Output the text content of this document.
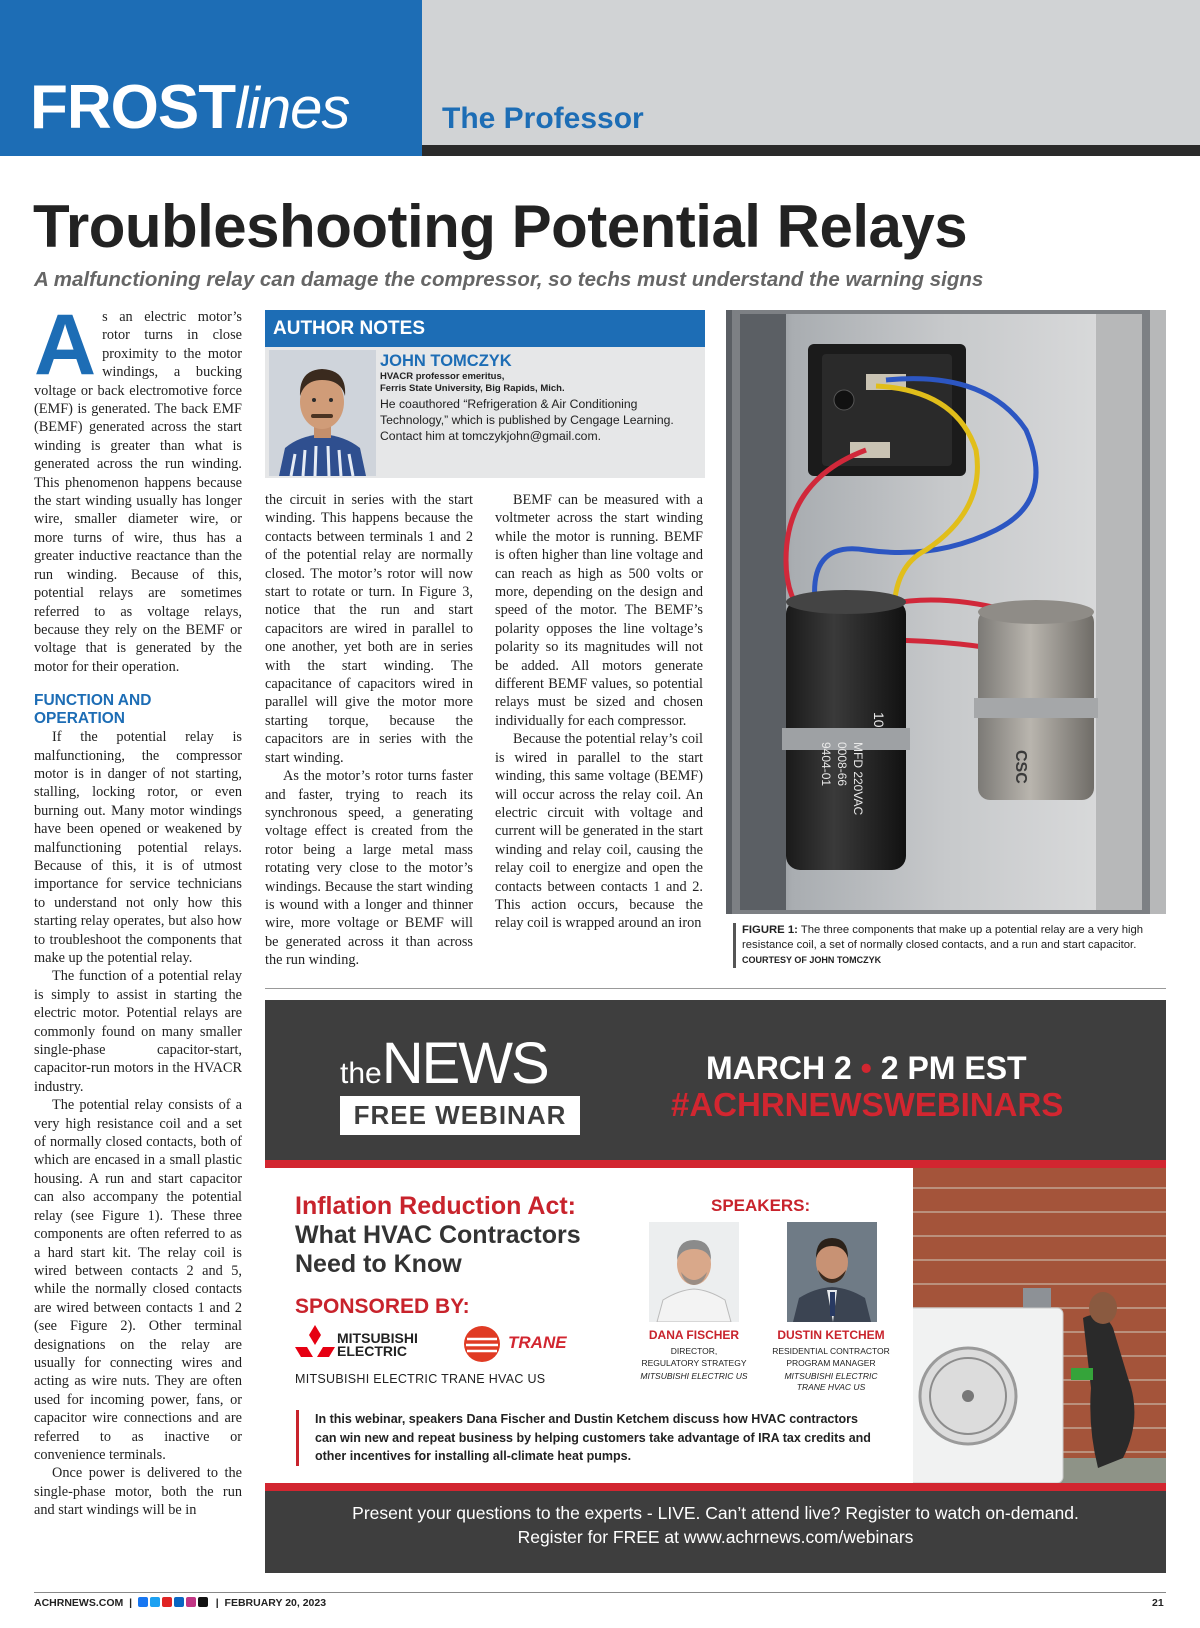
FROSTlines	The Professor
Troubleshooting Potential Relays
A malfunctioning relay can damage the compressor, so techs must understand the warning signs
A s an electric motor’s rotor turns in close proximity to the motor windings, a bucking voltage or back electromotive force (EMF) is generated. The back EMF (BEMF) generated across the start winding is greater than what is generated across the run winding. This phenomenon happens because the start winding usually has longer wire, smaller diameter wire, or more turns of wire, thus has a greater inductive reactance than the run winding. Because of this, potential relays are sometimes referred to as voltage relays, because they rely on the BEMF or voltage that is generated by the motor for their operation.

FUNCTION AND OPERATION

If the potential relay is malfunctioning, the compressor motor is in danger of not starting, stalling, locking rotor, or even burning out. Many motor windings have been opened or weakened by malfunctioning potential relays. Because of this, it is of utmost importance for service technicians to understand not only how this starting relay operates, but also how to troubleshoot the components that make up the potential relay.

The function of a potential relay is simply to assist in starting the electric motor. Potential relays are commonly found on many smaller single-phase capacitor-start, capacitor-run motors in the HVACR industry.

The potential relay consists of a very high resistance coil and a set of normally closed contacts, both of which are encased in a small plastic housing. A run and start capacitor can also accompany the potential relay (see Figure 1). These three components are often referred to as a hard start kit. The relay coil is wired between contacts 2 and 5, while the normally closed contacts are wired between contacts 1 and 2 (see Figure 2). Other terminal designations on the relay are usually for connecting wires and acting as wire nuts. They are often used for incoming power, fans, or capacitor wire connections and are referred to as inactive or convenience terminals.

Once power is delivered to the single-phase motor, both the run and start windings will be in

AUTHOR NOTES
JOHN TOMCZYK
HVACR professor emeritus,
Ferris State University, Big Rapids, Mich.
He coauthored “Refrigeration & Air Conditioning Technology,” which is published by Cengage Learning. Contact him at tomczykjohn@gmail.com.

the circuit in series with the start winding. This happens because the contacts between terminals 1 and 2 of the potential relay are normally closed. The motor’s rotor will now start to rotate or turn. In Figure 3, notice that the run and start capacitors are wired in parallel to one another, yet both are in series with the start winding. The capacitance of capacitors wired in parallel will give the motor more starting torque, because the capacitors are in series with the start winding.

As the motor’s rotor turns faster and faster, trying to reach its synchronous speed, a generating voltage effect is created from the rotor being a large metal mass rotating very close to the motor’s windings. Because the start winding is wound with a longer and thinner wire, more voltage or BEMF will be generated across it than across the run winding.

BEMF can be measured with a voltmeter across the start winding while the motor is running. BEMF is often higher than line voltage and can reach as high as 500 volts or more, depending on the design and speed of the motor. The BEMF’s polarity opposes the line voltage’s polarity so its magnitudes will not be added. All motors generate different BEMF values, so potential relays must be sized and chosen individually for each compressor.

Because the potential relay’s coil is wired in parallel to the start winding, this same voltage (BEMF) will occur across the relay coil. An electric circuit with voltage and current will be generated in the start winding and relay coil, causing the relay coil to energize and open the contacts between contacts 1 and 2. This action occurs, because the relay coil is wrapped around an iron

10
MFD 220VAC
0008-66
9404-01	CSC
FIGURE 1: The three components that make up a potential relay are a very high resistance coil, a set of normally closed contacts, and a run and start capacitor.
COURTESY OF JOHN TOMCZYK
theNEWS
FREE WEBINAR
MARCH 2 • 2 PM EST
#ACHRNEWSWEBINARS
Inflation Reduction Act:
What HVAC Contractors Need to Know
SPONSORED BY:
MITSUBISHI
ELECTRIC	TRANE
MITSUBISHI ELECTRIC TRANE HVAC US
SPEAKERS:
DANA FISCHER
DIRECTOR,
REGULATORY STRATEGY
MITSUBISHI ELECTRIC US
DUSTIN KETCHEM
RESIDENTIAL CONTRACTOR
PROGRAM MANAGER
MITSUBISHI ELECTRIC
TRANE HVAC US
In this webinar, speakers Dana Fischer and Dustin Ketchem discuss how HVAC contractors can win new and repeat business by helping customers take advantage of IRA tax credits and other incentives for installing all-climate heat pumps.
Present your questions to the experts - LIVE. Can’t attend live? Register to watch on-demand.
Register for FREE at www.achrnews.com/webinars
ACHRNEWS.COM |	| FEBRUARY 20, 2023	21
